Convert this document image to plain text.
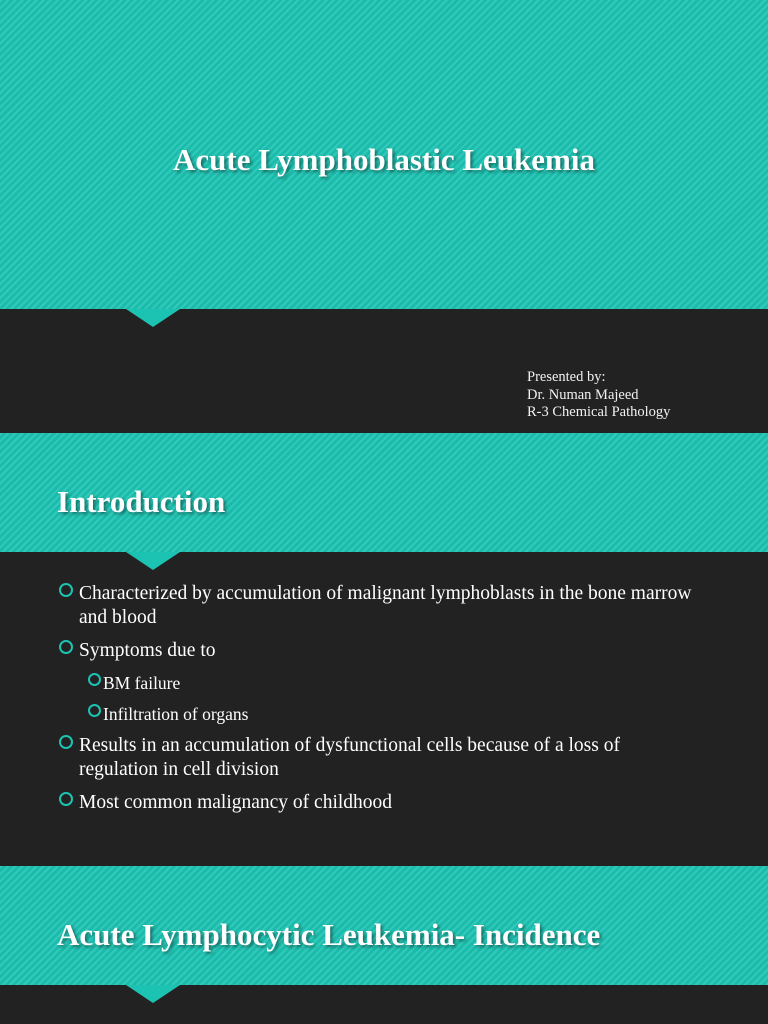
Acute Lymphoblastic Leukemia
Presented by:
Dr. Numan Majeed
R-3 Chemical Pathology
Introduction
Characterized by accumulation of malignant lymphoblasts in the bone marrow and blood
Symptoms due to
BM failure
Infiltration of organs
Results in an accumulation of dysfunctional cells because of a loss of regulation in cell division
Most common malignancy of childhood
Acute Lymphocytic Leukemia- Incidence
